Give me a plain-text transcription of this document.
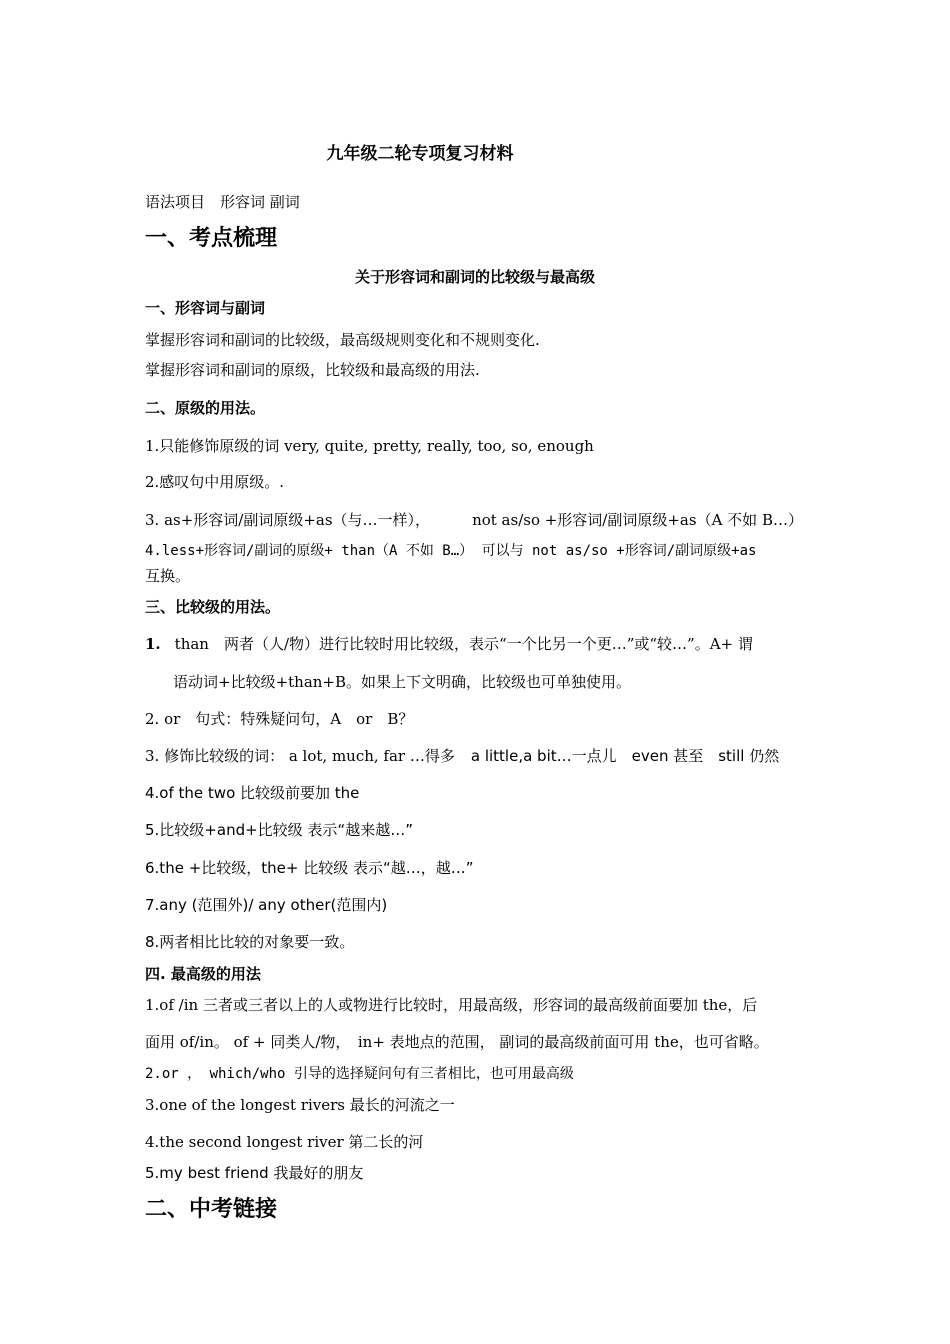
九年级二轮专项复习材料
语法项目　形容词 副词
一、考点梳理
关于形容词和副词的比较级与最高级
一、形容词与副词
掌握形容词和副词的比较级，最高级规则变化和不规则变化.
掌握形容词和副词的原级，比较级和最高级的用法.
二、原级的用法。
1.只能修饰原级的词 very, quite, pretty, really, too, so, enough
2.感叹句中用原级。.
3. as+形容词/副词原级+as（与…一样），	not as/so +形容词/副词原级+as（A 不如 B…）
4.less+形容词/副词的原级+ than（A 不如 B…） 可以与 not as/so +形容词/副词原级+as
互换。
三、比较级的用法。
1. than　两者（人/物）进行比较时用比较级，表示“一个比另一个更…”或“较…”。A+ 谓
语动词+比较级+than+B。如果上下文明确，比较级也可单独使用。
2. or　句式：特殊疑问句，A　or　B？
3. 修饰比较级的词： a lot, much, far …得多 a little,a bit…一点儿　even 甚至　still 仍然
4.of the two 比较级前要加 the
5.比较级+and+比较级 表示“越来越…”
6.the +比较级，the+ 比较级 表示“越…，越…”
7.any (范围外)/ any other(范围内)
8.两者相比比较的对象要一致。
四. 最高级的用法
1.of /in 三者或三者以上的人或物进行比较时，用最高级，形容词的最高级前面要加 the，后
面用 of/in。 of + 同类人/物，　in+ 表地点的范围， 副词的最高级前面可用 the，也可省略。
2.or ， which/who 引导的选择疑问句有三者相比，也可用最高级
3.one of the longest rivers 最长的河流之一
4.the second longest river 第二长的河
5.my best friend 我最好的朋友
二、中考链接
